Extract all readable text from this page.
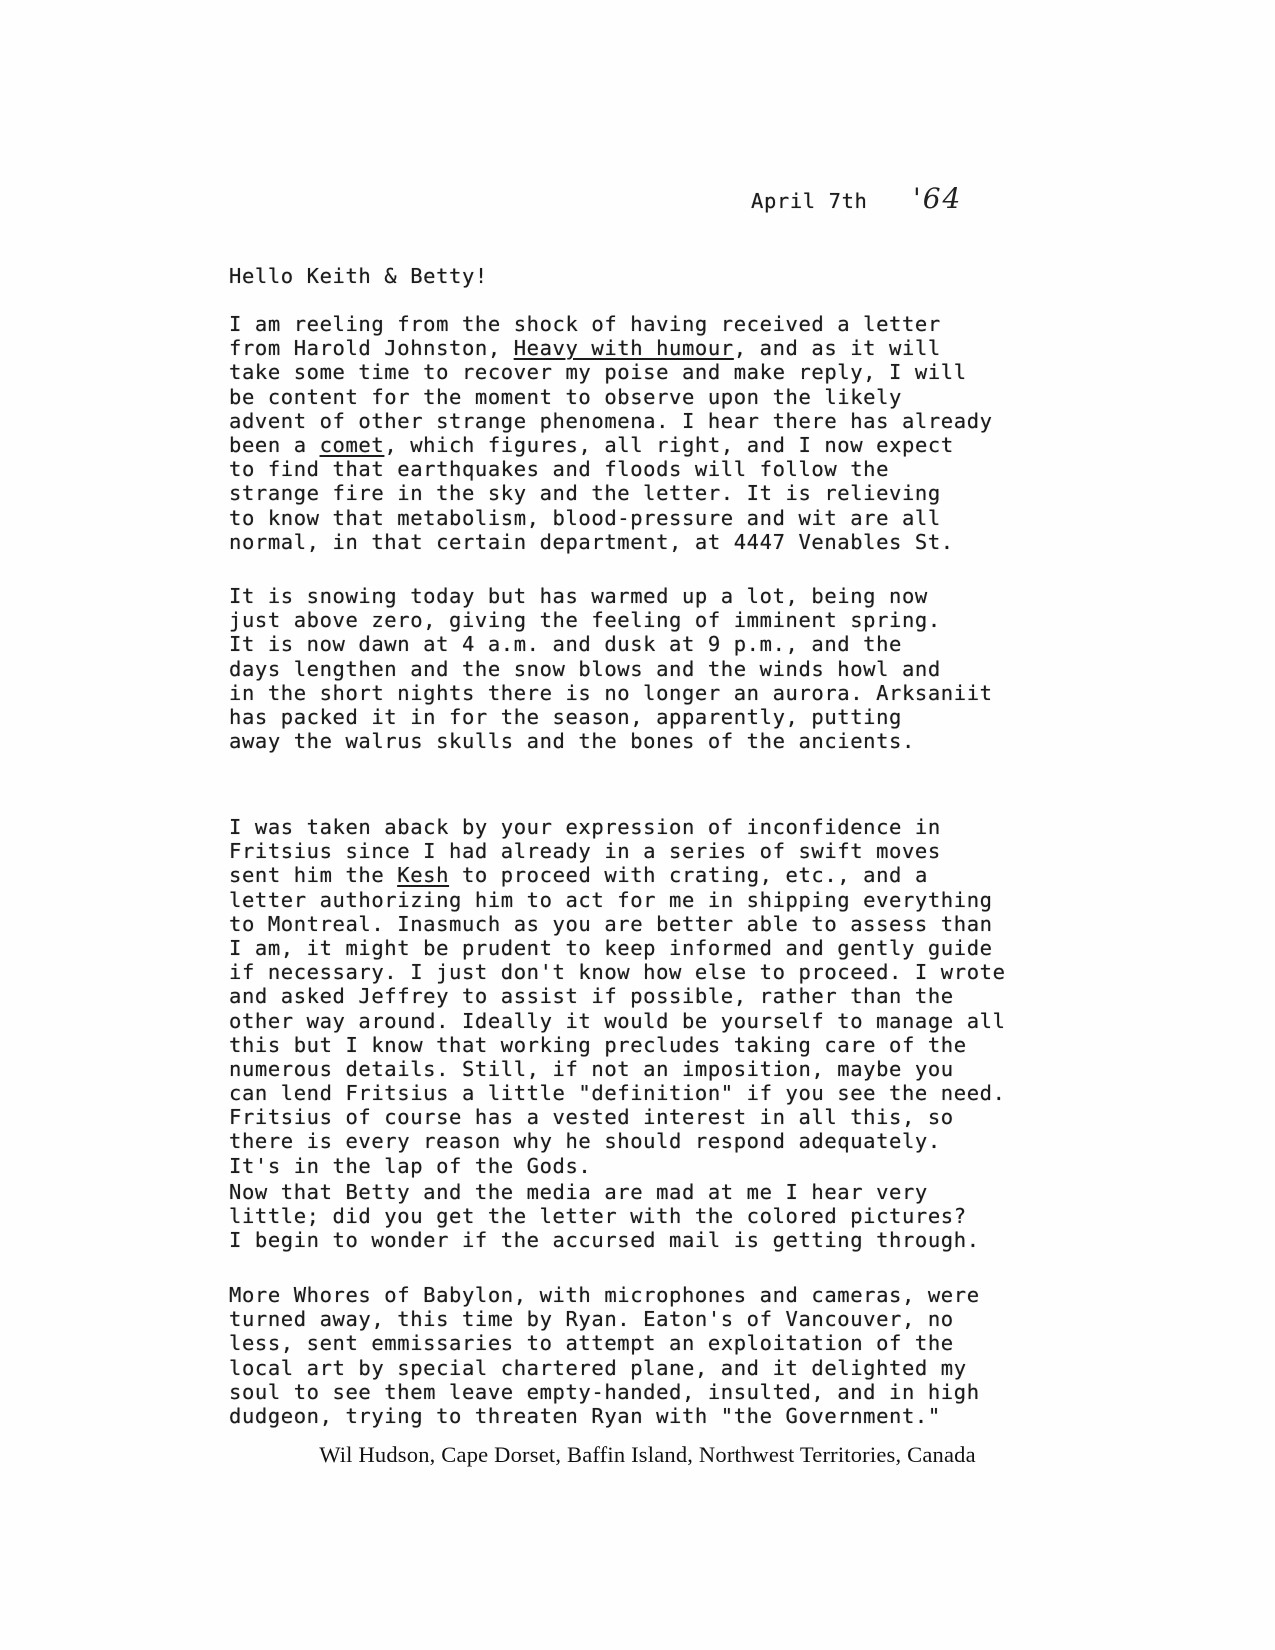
April 7th '64
Hello Keith & Betty!
I am reeling from the shock of having received a letter
from Harold Johnston, Heavy with humour, and as it will
take some time to recover my poise and make reply, I will
be content for the moment to observe upon the likely
advent of other strange phenomena. I hear there has already
been a comet, which figures, all right, and I now expect
to find that earthquakes and floods will follow the
strange fire in the sky and the letter. It is relieving
to know that metabolism, blood-pressure and wit are all
normal, in that certain department, at 4447 Venables St.
It is snowing today but has warmed up a lot, being now
just above zero, giving the feeling of imminent spring.
It is now dawn at 4 a.m. and dusk at 9 p.m., and the
days lengthen and the snow blows and the winds howl and
in the short nights there is no longer an aurora. Arksaniit
has packed it in for the season, apparently, putting
away the walrus skulls and the bones of the ancients.
I was taken aback by your expression of inconfidence in
Fritsius since I had already in a series of swift moves
sent him the Kesh to proceed with crating, etc., and a
letter authorizing him to act for me in shipping everything
to Montreal. Inasmuch as you are better able to assess than
I am, it might be prudent to keep informed and gently guide
if necessary. I just don't know how else to proceed. I wrote
and asked Jeffrey to assist if possible, rather than the
other way around. Ideally it would be yourself to manage all
this but I know that working precludes taking care of the
numerous details. Still, if not an imposition, maybe you
can lend Fritsius a little "definition" if you see the need.
Fritsius of course has a vested interest in all this, so
there is every reason why he should respond adequately.
It's in the lap of the Gods.
Now that Betty and the media are mad at me I hear very
little; did you get the letter with the colored pictures?
I begin to wonder if the accursed mail is getting through.
More Whores of Babylon, with microphones and cameras, were
turned away, this time by Ryan. Eaton's of Vancouver, no
less, sent emmissaries to attempt an exploitation of the
local art by special chartered plane, and it delighted my
soul to see them leave empty-handed, insulted, and in high
dudgeon, trying to threaten Ryan with "the Government."
Wil Hudson, Cape Dorset, Baffin Island, Northwest Territories, Canada
